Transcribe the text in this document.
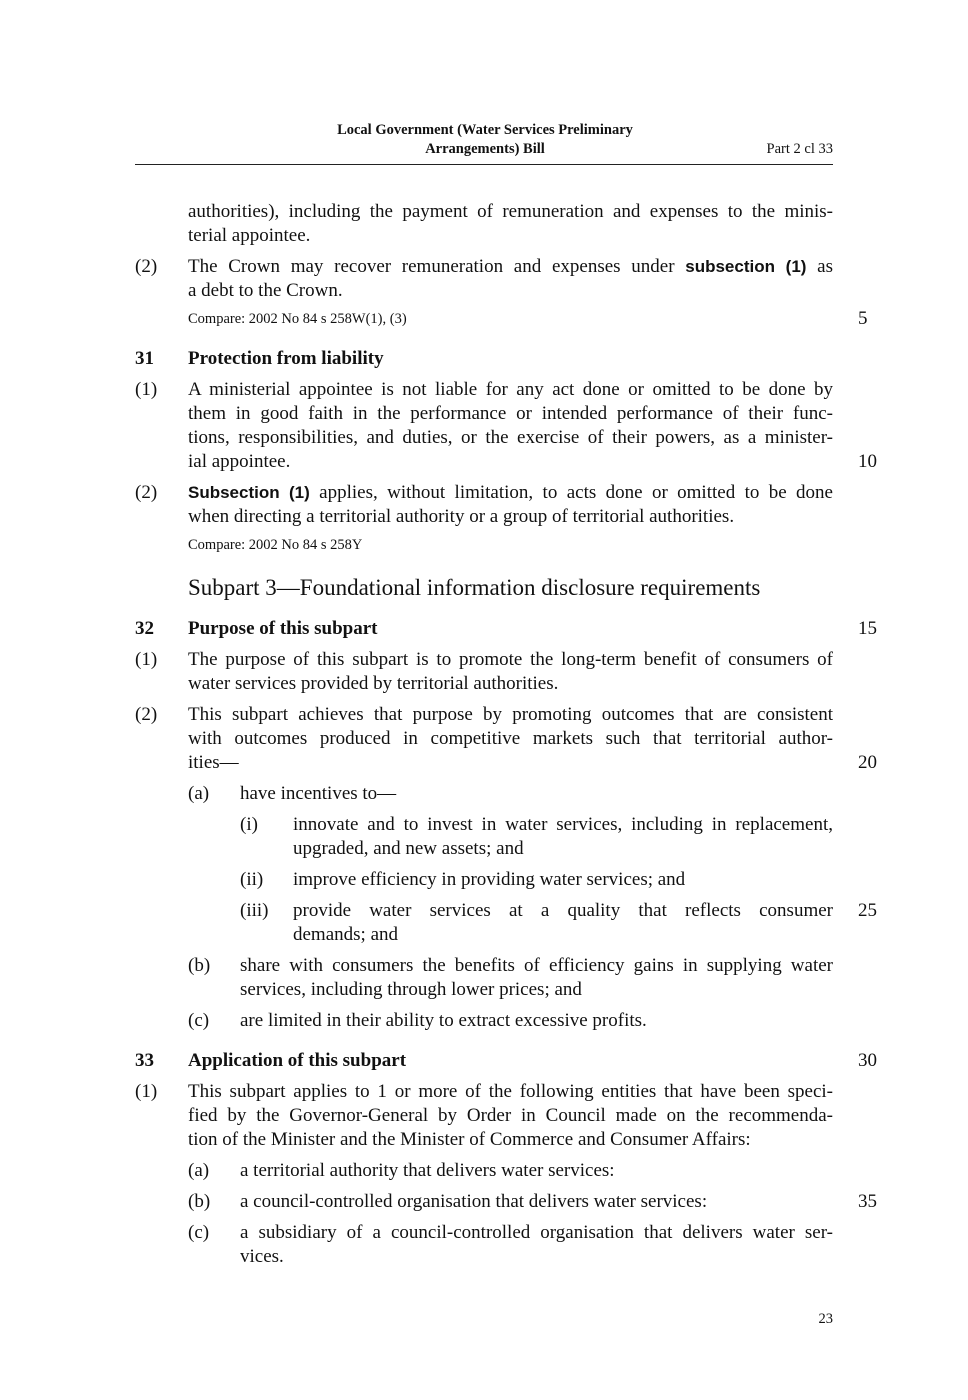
Local Government (Water Services Preliminary
Arrangements) Bill	Part 2 cl 33
authorities), including the payment of remuneration and expenses to the minis-
terial appointee.
(2) The Crown may recover remuneration and expenses under subsection (1) as
a debt to the Crown.
Compare: 2002 No 84 s 258W(1), (3)	5
31 Protection from liability
(1) A ministerial appointee is not liable for any act done or omitted to be done by
them in good faith in the performance or intended performance of their func-
tions, responsibilities, and duties, or the exercise of their powers, as a minister-
ial appointee.	10
(2) Subsection (1) applies, without limitation, to acts done or omitted to be done
when directing a territorial authority or a group of territorial authorities.
Compare: 2002 No 84 s 258Y
Subpart 3—Foundational information disclosure requirements
32 Purpose of this subpart	15
(1) The purpose of this subpart is to promote the long-term benefit of consumers of
water services provided by territorial authorities.
(2) This subpart achieves that purpose by promoting outcomes that are consistent
with outcomes produced in competitive markets such that territorial author-
ities—	20
(a) have incentives to—
(i) innovate and to invest in water services, including in replacement,
upgraded, and new assets; and
(ii) improve efficiency in providing water services; and
(iii) provide water services at a quality that reflects consumer 25
demands; and
(b) share with consumers the benefits of efficiency gains in supplying water
services, including through lower prices; and
(c) are limited in their ability to extract excessive profits.
33 Application of this subpart	30
(1) This subpart applies to 1 or more of the following entities that have been speci-
fied by the Governor-General by Order in Council made on the recommenda-
tion of the Minister and the Minister of Commerce and Consumer Affairs:
(a) a territorial authority that delivers water services:
(b) a council-controlled organisation that delivers water services:	35
(c) a subsidiary of a council-controlled organisation that delivers water ser-
vices.
23
